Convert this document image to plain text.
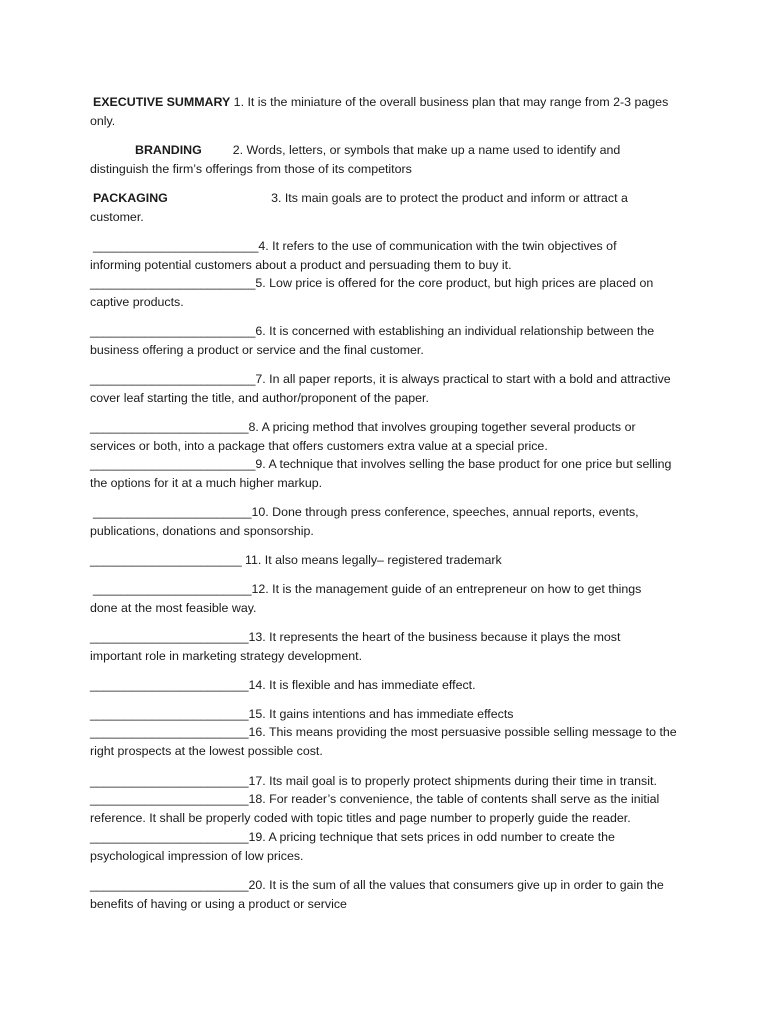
EXECUTIVE SUMMARY 1. It is the miniature of the overall business plan that may range from 2-3 pages
only.
BRANDING         2. Words, letters, or symbols that make up a name used to identify and
distinguish the firm’s offerings from those of its competitors
PACKAGING                              3. Its main goals are to protect the product and inform or attract a
customer.
________________________4. It refers to the use of communication with the twin objectives of
informing potential customers about a product and persuading them to buy it.
________________________5. Low price is offered for the core product, but high prices are placed on
captive products.
________________________6. It is concerned with establishing an individual relationship between the
business offering a product or service and the final customer.
________________________7. In all paper reports, it is always practical to start with a bold and attractive
cover leaf starting the title, and author/proponent of the paper.
_______________________8. A pricing method that involves grouping together several products or
services or both, into a package that offers customers extra value at a special price.
________________________9. A technique that involves selling the base product for one price but selling
the options for it at a much higher markup.
_______________________10. Done through press conference, speeches, annual reports, events,
publications, donations and sponsorship.
______________________ 11. It also means legally– registered trademark
_______________________12. It is the management guide of an entrepreneur on how to get things
done at the most feasible way.
_______________________13. It represents the heart of the business because it plays the most
important role in marketing strategy development.
_______________________14. It is flexible and has immediate effect.
_______________________15. It gains intentions and has immediate effects
_______________________16. This means providing the most persuasive possible selling message to the
right prospects at the lowest possible cost.
_______________________17. Its mail goal is to properly protect shipments during their time in transit.
_______________________18. For reader’s convenience, the table of contents shall serve as the initial
reference. It shall be properly coded with topic titles and page number to properly guide the reader.
_______________________19. A pricing technique that sets prices in odd number to create the
psychological impression of low prices.
_______________________20. It is the sum of all the values that consumers give up in order to gain the
benefits of having or using a product or service
